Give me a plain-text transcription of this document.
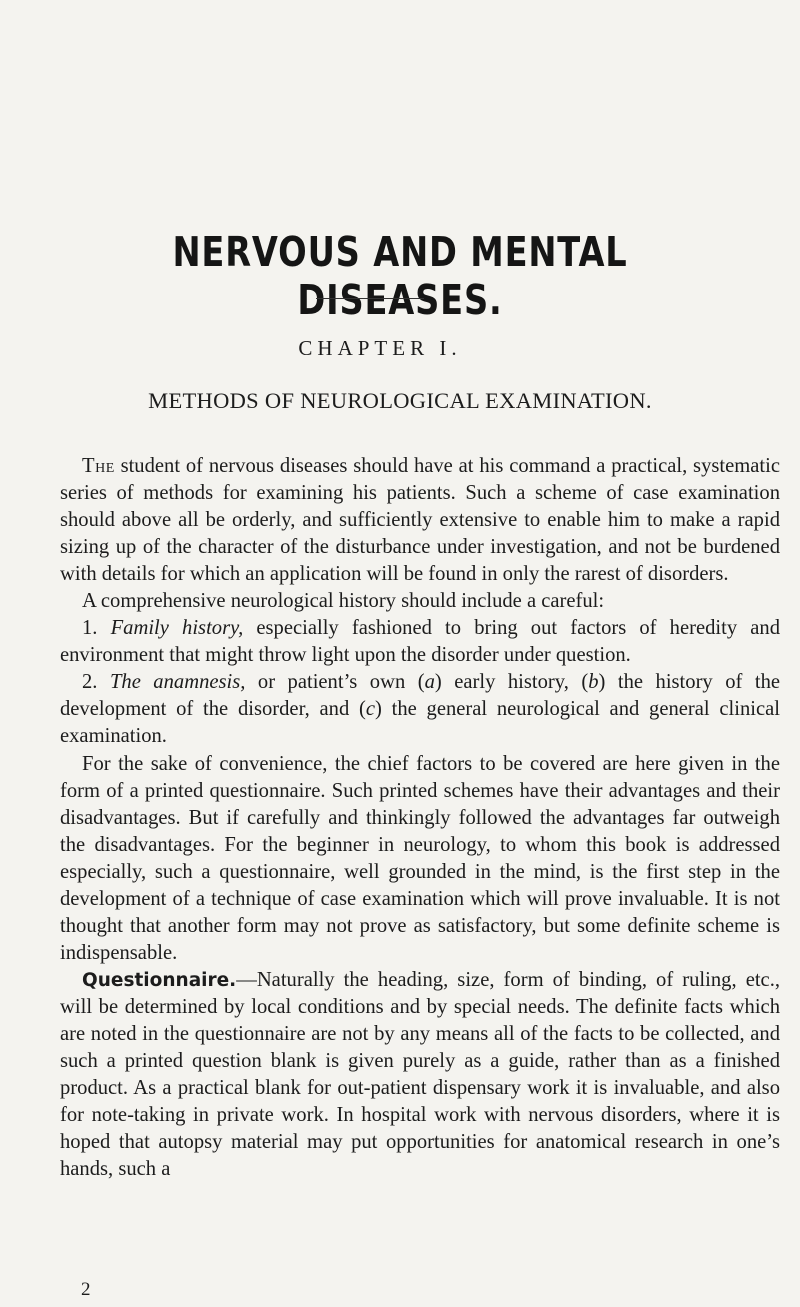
NERVOUS AND MENTAL DISEASES.
CHAPTER I.
METHODS OF NEUROLOGICAL EXAMINATION.

The student of nervous diseases should have at his command a practical, systematic series of methods for examining his patients. Such a scheme of case examination should above all be orderly, and sufficiently extensive to enable him to make a rapid sizing up of the character of the disturbance under investigation, and not be burdened with details for which an application will be found in only the rarest of disorders.

A comprehensive neurological history should include a careful:

1. Family history, especially fashioned to bring out factors of heredity and environment that might throw light upon the disorder under question.

2. The anamnesis, or patient’s own (a) early history, (b) the history of the development of the disorder, and (c) the general neurological and general clinical examination.

For the sake of convenience, the chief factors to be covered are here given in the form of a printed questionnaire. Such printed schemes have their advantages and their disadvantages. But if carefully and thinkingly followed the advantages far outweigh the disadvantages. For the beginner in neurology, to whom this book is addressed especially, such a questionnaire, well grounded in the mind, is the first step in the development of a technique of case examination which will prove invaluable. It is not thought that another form may not prove as satisfactory, but some definite scheme is indispensable.

Questionnaire.—Naturally the heading, size, form of binding, of ruling, etc., will be determined by local conditions and by special needs. The definite facts which are noted in the questionnaire are not by any means all of the facts to be collected, and such a printed question blank is given purely as a guide, rather than as a finished product. As a practical blank for out-patient dispensary work it is invaluable, and also for note-taking in private work. In hospital work with nervous disorders, where it is hoped that autopsy material may put opportunities for anatomical research in one’s hands, such a

2
